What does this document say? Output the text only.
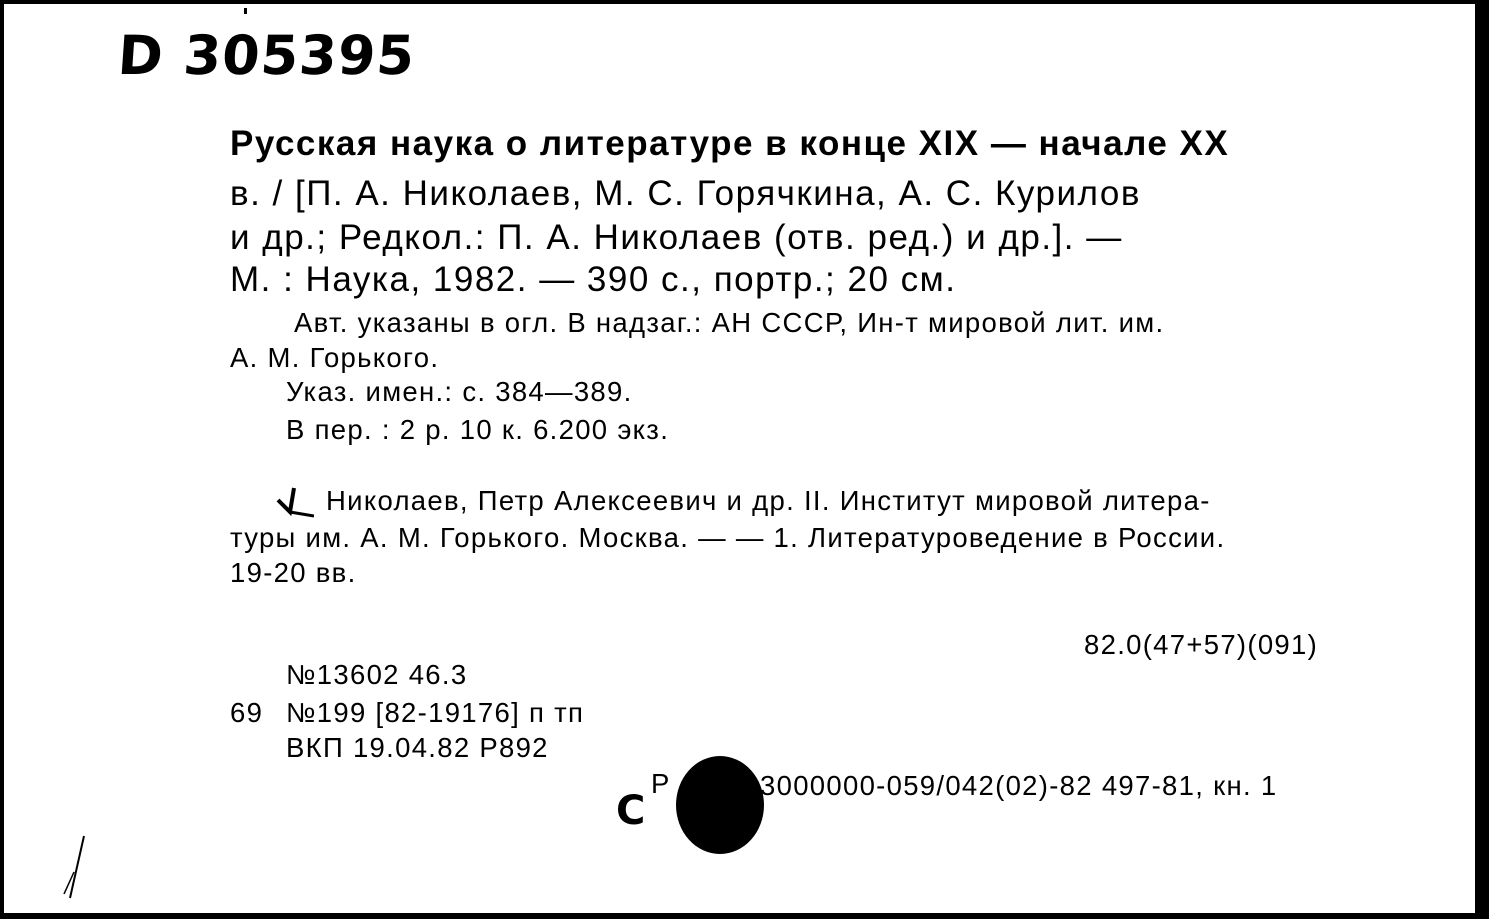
D 305395
Русская наука о литературе в конце XIX — начале XX
в. / [П. А. Николаев, М. С. Горячкина, А. С. Курилов
и др.; Редкол.: П. А. Николаев (отв. ред.) и др.]. —
М. : Наука, 1982. — 390 с., портр.; 20 см.
Авт. указаны в огл. В надзаг.: АН СССР, Ин-т мировой лит. им.
А. М. Горького.
Указ. имен.: с. 384—389.
В пер. : 2 р. 10 к. 6.200 экз.
Николаев, Петр Алексеевич и др. II. Институт мировой литера-
туры им. А. М. Горького. Москва. — — 1. Литературоведение в России.
19-20 вв.
82.0(47+57)(091)
№13602 46.3
69 №199 [82-19176] п тп
ВКП 19.04.82 Р892
С
Р	3000000-059/042(02)-82 497-81, кн. 1
